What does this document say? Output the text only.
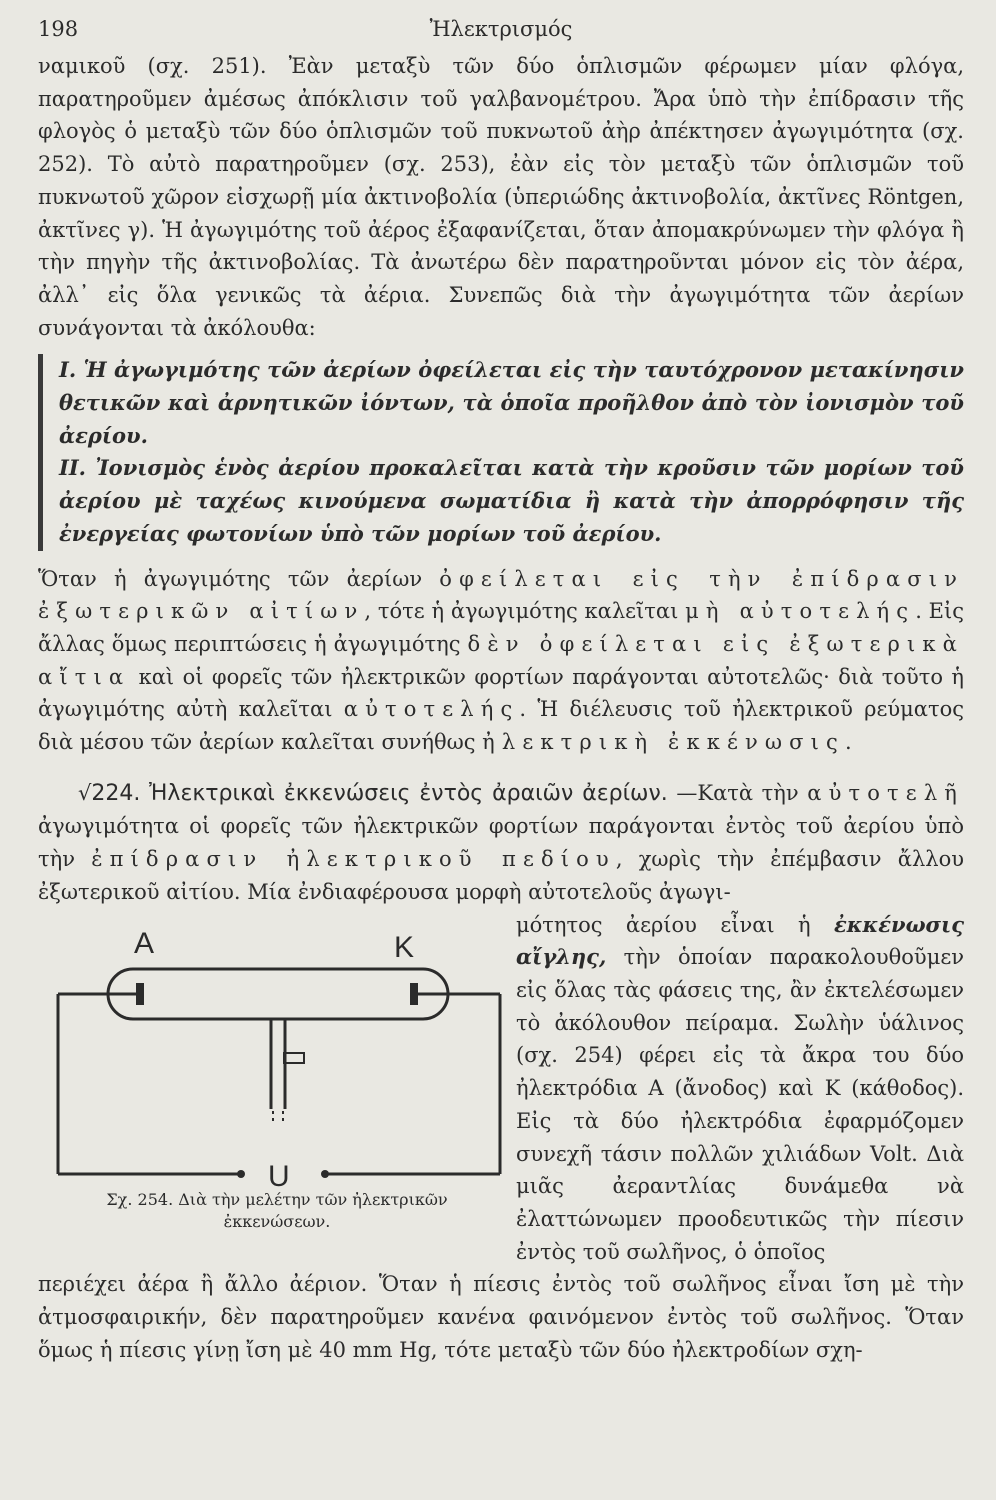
198	Ἠλεκτρισμός

ναμικοῦ (σχ. 251). Ἐὰν μεταξὺ τῶν δύο ὁπλισμῶν φέρωμεν μίαν φλόγα, παρατηροῦμεν ἀμέσως ἀπόκλισιν τοῦ γαλβανομέτρου. Ἄρα ὑπὸ τὴν ἐπίδρασιν τῆς φλογὸς ὁ μεταξὺ τῶν δύο ὁπλισμῶν τοῦ πυκνωτοῦ ἀὴρ ἀπέκτησεν ἀγωγιμότητα (σχ. 252). Τὸ αὐτὸ παρατηροῦμεν (σχ. 253), ἐὰν εἰς τὸν μεταξὺ τῶν ὁπλισμῶν τοῦ πυκνωτοῦ χῶρον εἰσχωρῇ μία ἀκτινοβολία (ὑπεριώδης ἀκτινοβολία, ἀκτῖνες Röntgen, ἀκτῖνες γ). Ἡ ἀγωγιμότης τοῦ ἀέρος ἐξαφανίζεται, ὅταν ἀπομακρύνωμεν τὴν φλόγα ἢ τὴν πηγὴν τῆς ἀκτινοβολίας. Τὰ ἀνωτέρω δὲν παρατηροῦνται μόνον εἰς τὸν ἀέρα, ἀλλ᾽ εἰς ὅλα γενικῶς τὰ ἀέρια. Συνεπῶς διὰ τὴν ἀγωγιμότητα τῶν ἀερίων συνάγονται τὰ ἀκόλουθα:

I. Ἡ ἀγωγιμότης τῶν ἀερίων ὀφείλεται εἰς τὴν ταυτόχρονον μετακίνησιν θετικῶν καὶ ἀρνητικῶν ἰόντων, τὰ ὁποῖα προῆλθον ἀπὸ τὸν ἰονισμὸν τοῦ ἀερίου.

II. Ἰονισμὸς ἑνὸς ἀερίου προκαλεῖται κατὰ τὴν κροῦσιν τῶν μορίων τοῦ ἀερίου μὲ ταχέως κινούμενα σωματίδια ἢ κατὰ τὴν ἀπορρόφησιν τῆς ἐνεργείας φωτονίων ὑπὸ τῶν μορίων τοῦ ἀερίου.

Ὅταν ἡ ἀγωγιμότης τῶν ἀερίων ὀφείλεται εἰς τὴν ἐπίδρασιν ἐξωτερικῶν αἰτίων, τότε ἡ ἀγωγιμότης καλεῖται μὴ αὐτοτελής. Εἰς ἄλλας ὅμως περιπτώσεις ἡ ἀγωγιμότης δὲν ὀφείλεται εἰς ἐξωτερικὰ αἴτια καὶ οἱ φορεῖς τῶν ἠλεκτρικῶν φορτίων παράγονται αὐτοτελῶς· διὰ τοῦτο ἡ ἀγωγιμότης αὐτὴ καλεῖται αὐτοτελής. Ἡ διέλευσις τοῦ ἠλεκτρικοῦ ρεύματος διὰ μέσου τῶν ἀερίων καλεῖται συνήθως ἠλεκτρικὴ ἐκκένωσις.

√224. Ἠλεκτρικαὶ ἐκκενώσεις ἐντὸς ἀραιῶν ἀερίων. —Κατὰ τὴν αὐτοτελῆ ἀγωγιμότητα οἱ φορεῖς τῶν ἠλεκτρικῶν φορτίων παράγονται ἐντὸς τοῦ ἀερίου ὑπὸ τὴν ἐπίδρασιν ἠλεκτρικοῦ πεδίου, χωρὶς τὴν ἐπέμβασιν ἄλλου ἐξωτερικοῦ αἰτίου. Μία ἐνδιαφέρουσα μορφὴ αὐτοτελοῦς ἀγωγι-

A	K
U
Σχ. 254. Διὰ τὴν μελέτην τῶν ἠλεκτρικῶν
ἐκκενώσεων.

μότητος ἀερίου εἶναι ἡ ἐκκένωσις αἴγλης, τὴν ὁποίαν παρακολουθοῦμεν εἰς ὅλας τὰς φάσεις της, ἂν ἐκτελέσωμεν τὸ ἀκόλουθον πείραμα. Σωλὴν ὑάλινος (σχ. 254) φέρει εἰς τὰ ἄκρα του δύο ἠλεκτρόδια Α (ἄνοδος) καὶ Κ (κάθοδος). Εἰς τὰ δύο ἠλεκτρόδια ἐφαρμόζομεν συνεχῆ τάσιν πολλῶν χιλιάδων Volt. Διὰ μιᾶς ἀεραντλίας δυνάμεθα νὰ ἐλαττώνωμεν προοδευτικῶς τὴν πίεσιν ἐντὸς τοῦ σωλῆνος, ὁ ὁποῖος

περιέχει ἀέρα ἢ ἄλλο ἀέριον. Ὅταν ἡ πίεσις ἐντὸς τοῦ σωλῆνος εἶναι ἴση μὲ τὴν ἀτμοσφαιρικήν, δὲν παρατηροῦμεν κανένα φαινόμενον ἐντὸς τοῦ σωλῆνος. Ὅταν ὅμως ἡ πίεσις γίνῃ ἴση μὲ 40 mm Hg, τότε μεταξὺ τῶν δύο ἠλεκτροδίων σχη-
